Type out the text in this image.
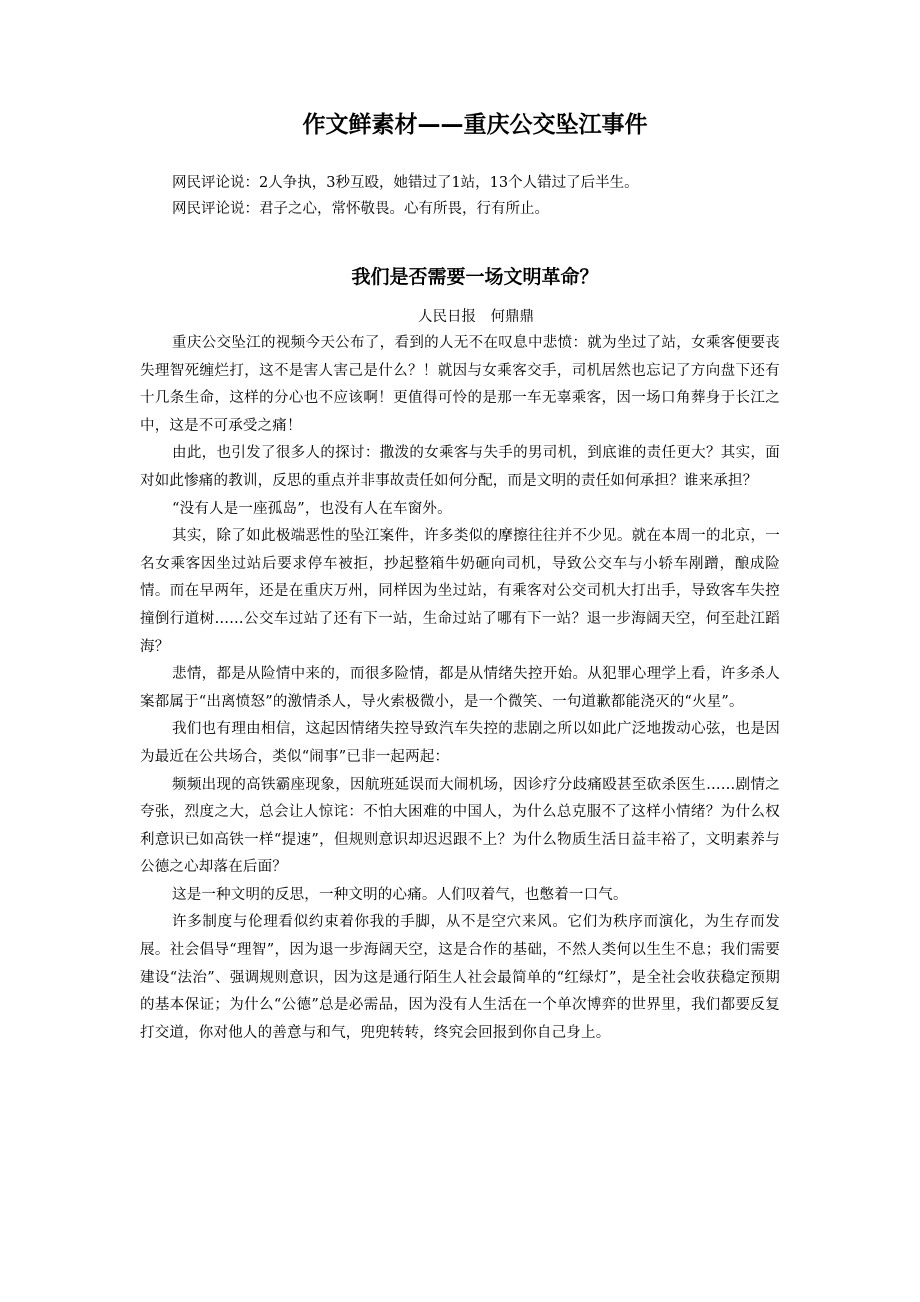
作文鲜素材——重庆公交坠江事件

网民评论说：2人争执，3秒互殴，她错过了1站，13个人错过了后半生。

网民评论说：君子之心，常怀敬畏。心有所畏，行有所止。

我们是否需要一场文明革命？

人民日报　何鼎鼎

重庆公交坠江的视频今天公布了，看到的人无不在叹息中悲愤：就为坐过了站，女乘客便要丧失理智死缠烂打，这不是害人害己是什么？！就因与女乘客交手，司机居然也忘记了方向盘下还有十几条生命，这样的分心也不应该啊！更值得可怜的是那一车无辜乘客，因一场口角葬身于长江之中，这是不可承受之痛！

由此，也引发了很多人的探讨：撒泼的女乘客与失手的男司机，到底谁的责任更大？其实，面对如此惨痛的教训，反思的重点并非事故责任如何分配，而是文明的责任如何承担？谁来承担？

“没有人是一座孤岛”，也没有人在车窗外。

其实，除了如此极端恶性的坠江案件，许多类似的摩擦往往并不少见。就在本周一的北京，一名女乘客因坐过站后要求停车被拒，抄起整箱牛奶砸向司机，导致公交车与小轿车剐蹭，酿成险情。而在早两年，还是在重庆万州，同样因为坐过站，有乘客对公交司机大打出手，导致客车失控撞倒行道树……公交车过站了还有下一站，生命过站了哪有下一站？退一步海阔天空，何至赴江蹈海？

悲情，都是从险情中来的，而很多险情，都是从情绪失控开始。从犯罪心理学上看，许多杀人案都属于“出离愤怒”的激情杀人，导火索极微小，是一个微笑、一句道歉都能浇灭的“火星”。

我们也有理由相信，这起因情绪失控导致汽车失控的悲剧之所以如此广泛地拨动心弦，也是因为最近在公共场合，类似“闹事”已非一起两起：

频频出现的高铁霸座现象，因航班延误而大闹机场，因诊疗分歧痛殴甚至砍杀医生……剧情之夸张，烈度之大，总会让人惊诧：不怕大困难的中国人，为什么总克服不了这样小情绪？为什么权利意识已如高铁一样“提速”，但规则意识却迟迟跟不上？为什么物质生活日益丰裕了，文明素养与公德之心却落在后面？

这是一种文明的反思，一种文明的心痛。人们叹着气，也憋着一口气。

许多制度与伦理看似约束着你我的手脚，从不是空穴来风。它们为秩序而演化，为生存而发展。社会倡导“理智”，因为退一步海阔天空，这是合作的基础，不然人类何以生生不息；我们需要建设“法治”、强调规则意识，因为这是通行陌生人社会最简单的“红绿灯”，是全社会收获稳定预期的基本保证；为什么“公德”总是必需品，因为没有人生活在一个单次博弈的世界里，我们都要反复打交道，你对他人的善意与和气，兜兜转转，终究会回报到你自己身上。
